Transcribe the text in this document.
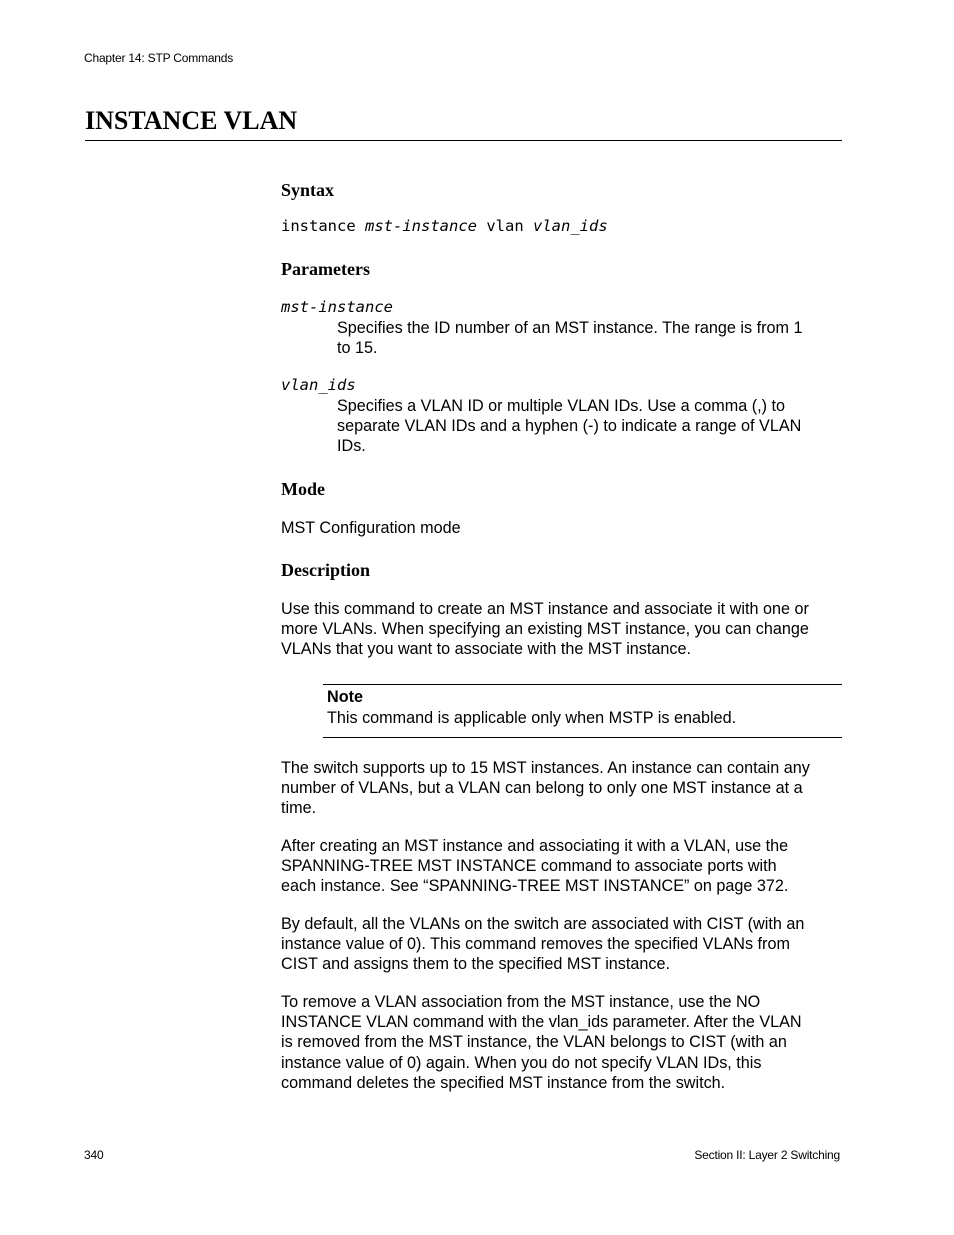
Chapter 14: STP Commands
INSTANCE VLAN
Syntax
instance mst-instance vlan vlan_ids
Parameters
mst-instance
Specifies the ID number of an MST instance. The range is from 1
to 15.
vlan_ids
Specifies a VLAN ID or multiple VLAN IDs. Use a comma (,) to
separate VLAN IDs and a hyphen (-) to indicate a range of VLAN
IDs.
Mode
MST Configuration mode
Description
Use this command to create an MST instance and associate it with one or
more VLANs. When specifying an existing MST instance, you can change
VLANs that you want to associate with the MST instance.
Note
This command is applicable only when MSTP is enabled.
The switch supports up to 15 MST instances. An instance can contain any
number of VLANs, but a VLAN can belong to only one MST instance at a
time.
After creating an MST instance and associating it with a VLAN, use the
SPANNING-TREE MST INSTANCE command to associate ports with
each instance. See “SPANNING-TREE MST INSTANCE” on page 372.
By default, all the VLANs on the switch are associated with CIST (with an
instance value of 0). This command removes the specified VLANs from
CIST and assigns them to the specified MST instance.
To remove a VLAN association from the MST instance, use the NO
INSTANCE VLAN command with the vlan_ids parameter. After the VLAN
is removed from the MST instance, the VLAN belongs to CIST (with an
instance value of 0) again. When you do not specify VLAN IDs, this
command deletes the specified MST instance from the switch.
340	Section II: Layer 2 Switching
